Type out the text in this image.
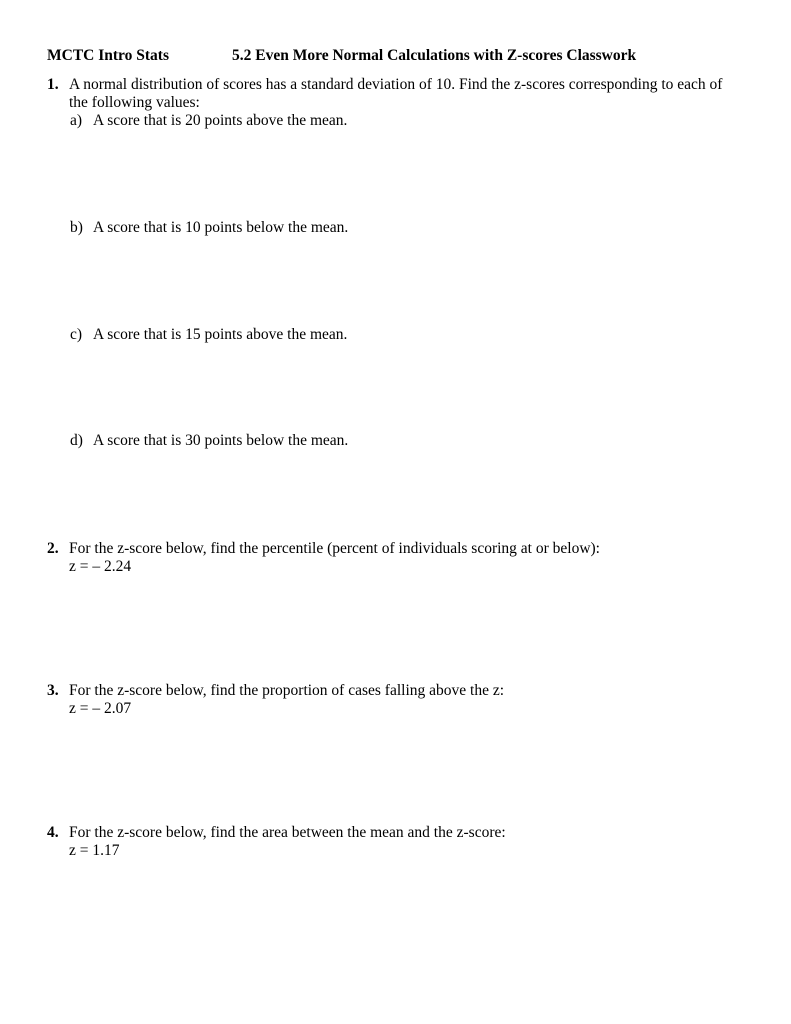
MCTC Intro Stats	5.2 Even More Normal Calculations with Z-scores Classwork
1. A normal distribution of scores has a standard deviation of 10. Find the z-scores corresponding to each of
the following values:
a) A score that is 20 points above the mean.
b) A score that is 10 points below the mean.
c) A score that is 15 points above the mean.
d) A score that is 30 points below the mean.
2. For the z-score below, find the percentile (percent of individuals scoring at or below):
z = – 2.24
3. For the z-score below, find the proportion of cases falling above the z:
z = – 2.07
4. For the z-score below, find the area between the mean and the z-score:
z = 1.17
